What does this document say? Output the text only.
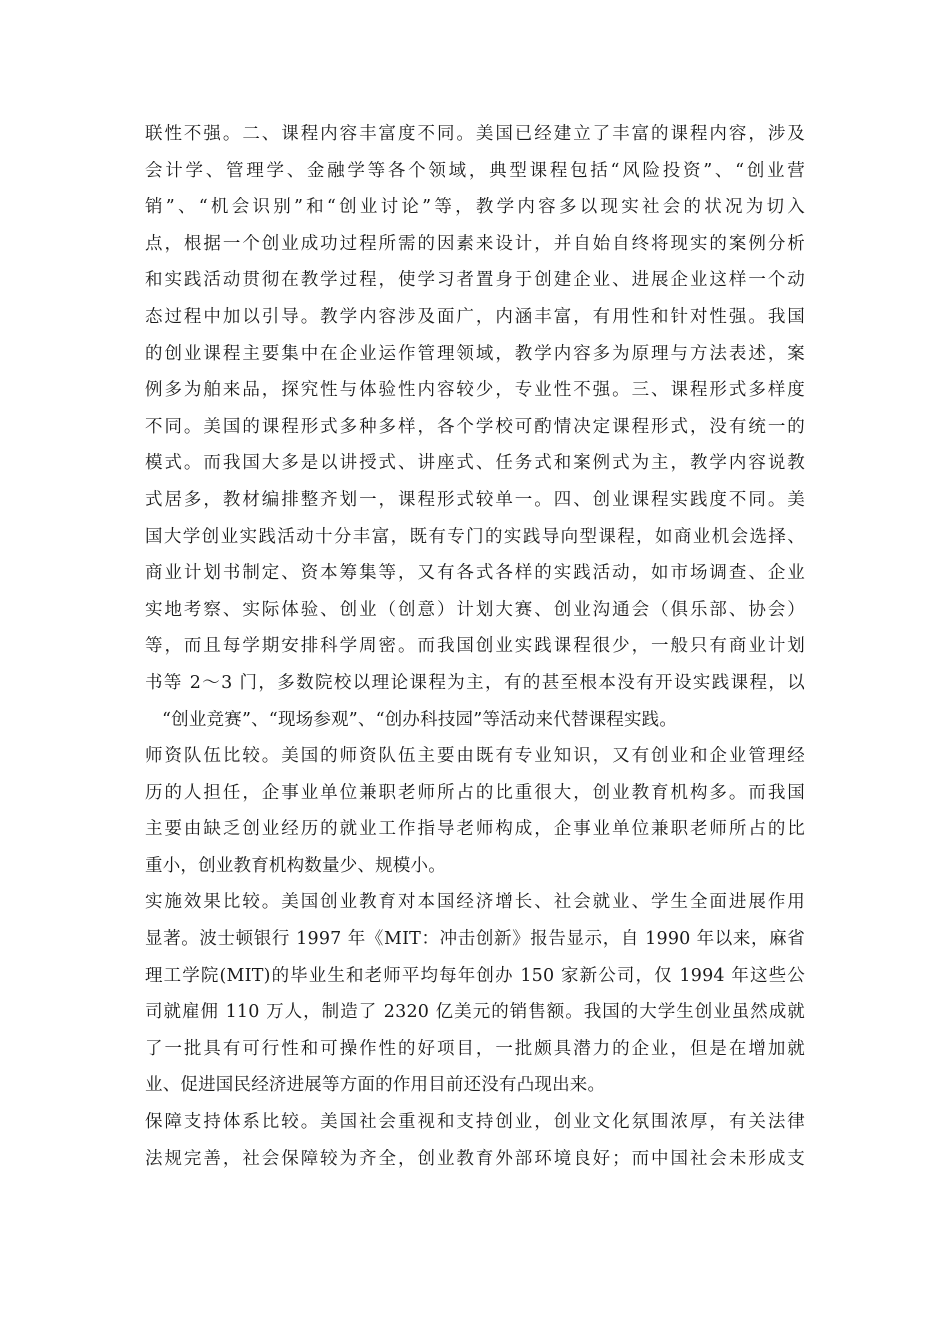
联性不强。二、课程内容丰富度不同。美国已经建立了丰富的课程内容，涉及
会计学、管理学、金融学等各个领域，典型课程包括“风险投资”、“创业营
销”、“机会识别”和“创业讨论”等，教学内容多以现实社会的状况为切入
点，根据一个创业成功过程所需的因素来设计，并自始自终将现实的案例分析
和实践活动贯彻在教学过程，使学习者置身于创建企业、进展企业这样一个动
态过程中加以引导。教学内容涉及面广，内涵丰富，有用性和针对性强。我国
的创业课程主要集中在企业运作管理领域，教学内容多为原理与方法表述，案
例多为舶来品，探究性与体验性内容较少，专业性不强。三、课程形式多样度
不同。美国的课程形式多种多样，各个学校可酌情决定课程形式，没有统一的
模式。而我国大多是以讲授式、讲座式、任务式和案例式为主，教学内容说教
式居多，教材编排整齐划一，课程形式较单一。四、创业课程实践度不同。美
国大学创业实践活动十分丰富，既有专门的实践导向型课程，如商业机会选择、
商业计划书制定、资本筹集等，又有各式各样的实践活动，如市场调查、企业
实地考察、实际体验、创业（创意）计划大赛、创业沟通会（俱乐部、协会）
等，而且每学期安排科学周密。而我国创业实践课程很少，一般只有商业计划
书等 2～3 门，多数院校以理论课程为主，有的甚至根本没有开设实践课程，以
“创业竞赛”、“现场参观”、“创办科技园”等活动来代替课程实践。
师资队伍比较。美国的师资队伍主要由既有专业知识，又有创业和企业管理经
历的人担任，企事业单位兼职老师所占的比重很大，创业教育机构多。而我国
主要由缺乏创业经历的就业工作指导老师构成，企事业单位兼职老师所占的比
重小，创业教育机构数量少、规模小。
实施效果比较。美国创业教育对本国经济增长、社会就业、学生全面进展作用
显著。波士顿银行 1997 年《MIT：冲击创新》报告显示，自 1990 年以来，麻省
理工学院(MIT)的毕业生和老师平均每年创办 150 家新公司，仅 1994 年这些公
司就雇佣 110 万人，制造了 2320 亿美元的销售额。我国的大学生创业虽然成就
了一批具有可行性和可操作性的好项目，一批颇具潜力的企业，但是在增加就
业、促进国民经济进展等方面的作用目前还没有凸现出来。
保障支持体系比较。美国社会重视和支持创业，创业文化氛围浓厚，有关法律
法规完善，社会保障较为齐全，创业教育外部环境良好；而中国社会未形成支
